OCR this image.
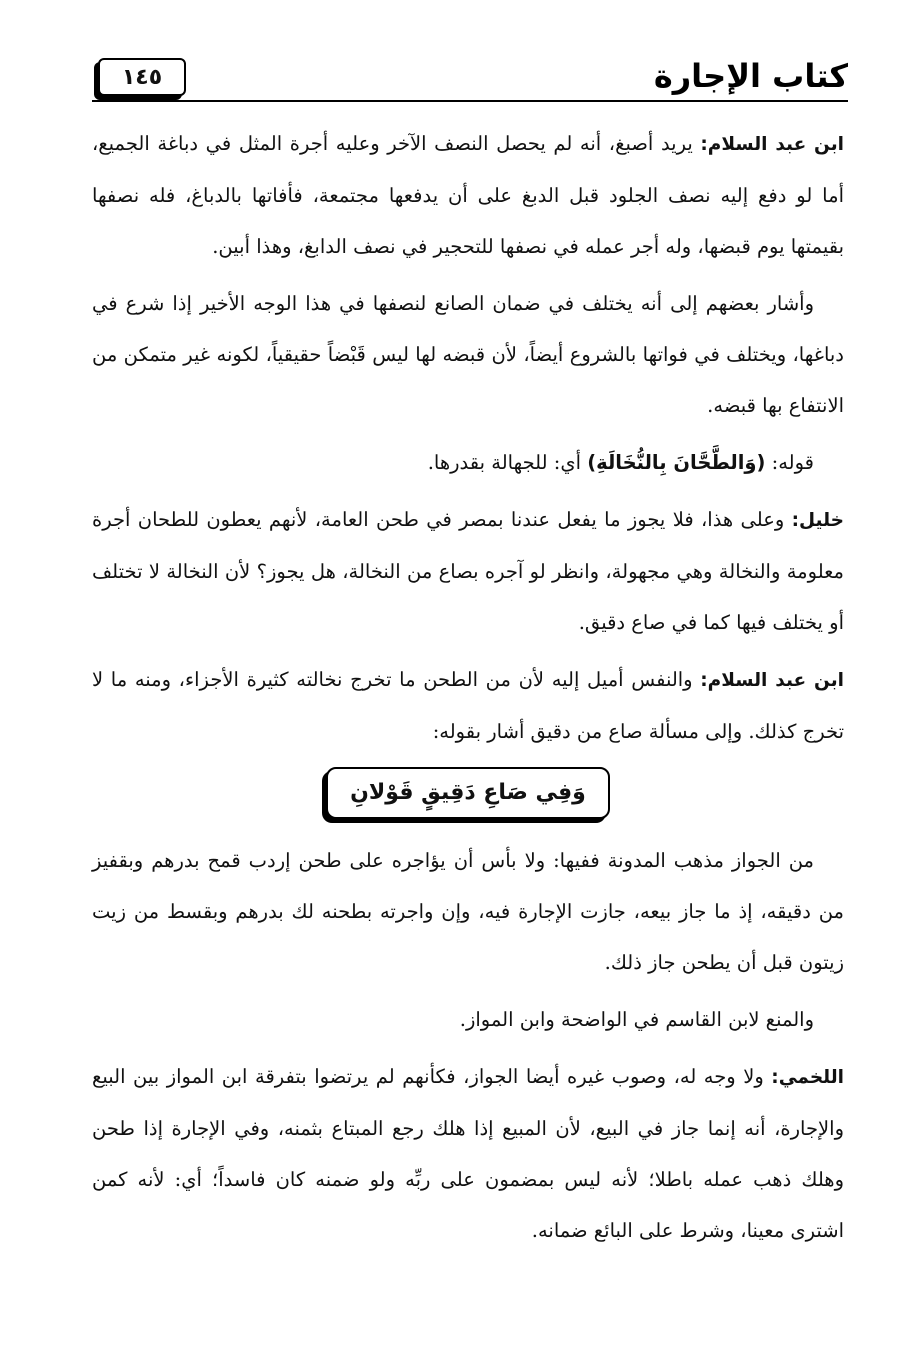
كتاب الإجارة
١٤٥

ابن عبد السلام: يريد أصبغ، أنه لم يحصل النصف الآخر وعليه أجرة المثل في دباغة الجميع، أما لو دفع إليه نصف الجلود قبل الدبغ على أن يدفعها مجتمعة، فأفاتها بالدباغ، فله نصفها بقيمتها يوم قبضها، وله أجر عمله في نصفها للتحجير في نصف الدابغ، وهذا أبين.

وأشار بعضهم إلى أنه يختلف في ضمان الصانع لنصفها في هذا الوجه الأخير إذا شرع في دباغها، ويختلف في فواتها بالشروع أيضاً، لأن قبضه لها ليس قَبْضاً حقيقياً، لكونه غير متمكن من الانتفاع بها قبضه.

قوله: (وَالطَّحَّانَ بِالنُّخَالَةِ) أي: للجهالة بقدرها.

خليل: وعلى هذا، فلا يجوز ما يفعل عندنا بمصر في طحن العامة، لأنهم يعطون للطحان أجرة معلومة والنخالة وهي مجهولة، وانظر لو آجره بصاع من النخالة، هل يجوز؟ لأن النخالة لا تختلف أو يختلف فيها كما في صاع دقيق.

ابن عبد السلام: والنفس أميل إليه لأن من الطحن ما تخرج نخالته كثيرة الأجزاء، ومنه ما لا تخرج كذلك. وإلى مسألة صاع من دقيق أشار بقوله:

وَفِي صَاعِ دَقِيقٍ قَوْلانِ

من الجواز مذهب المدونة ففيها: ولا بأس أن يؤاجره على طحن إردب قمح بدرهم وبقفيز من دقيقه، إذ ما جاز بيعه، جازت الإجارة فيه، وإن واجرته بطحنه لك بدرهم وبقسط من زيت زيتون قبل أن يطحن جاز ذلك.

والمنع لابن القاسم في الواضحة وابن المواز.

اللخمي: ولا وجه له، وصوب غيره أيضا الجواز، فكأنهم لم يرتضوا بتفرقة ابن المواز بين البيع والإجارة، أنه إنما جاز في البيع، لأن المبيع إذا هلك رجع المبتاع بثمنه، وفي الإجارة إذا طحن وهلك ذهب عمله باطلا؛ لأنه ليس بمضمون على ربِّه ولو ضمنه كان فاسداً؛ أي: لأنه كمن اشترى معينا، وشرط على البائع ضمانه.
